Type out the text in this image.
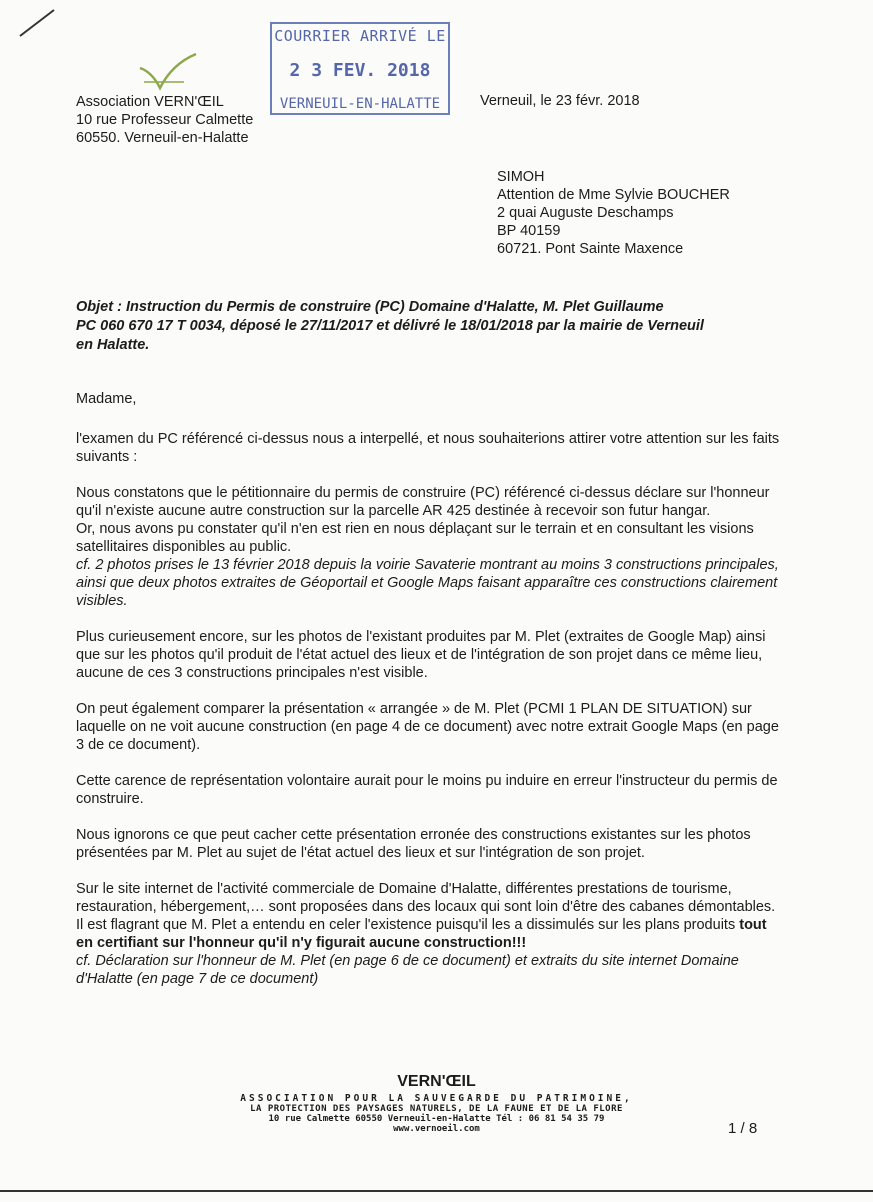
COURRIER ARRIVÉ LE
2 3 FEV. 2018
VERNEUIL-EN-HALATTE
Association VERN'ŒIL
10 rue Professeur Calmette
60550. Verneuil-en-Halatte
Verneuil, le 23 févr. 2018
SIMOH
Attention de Mme Sylvie BOUCHER
2 quai Auguste Deschamps
BP 40159
60721. Pont Sainte Maxence
Objet : Instruction du Permis de construire (PC) Domaine d'Halatte, M. Plet Guillaume
PC 060 670 17 T 0034, déposé le 27/11/2017 et délivré le 18/01/2018 par la mairie de Verneuil
en Halatte.

Madame,

l'examen du PC référencé ci-dessus nous a interpellé, et nous souhaiterions attirer votre attention sur les faits suivants :

Nous constatons que le pétitionnaire du permis de construire (PC) référencé ci-dessus déclare sur l'honneur qu'il n'existe aucune autre construction sur la parcelle AR 425 destinée à recevoir son futur hangar.

Or, nous avons pu constater qu'il n'en est rien en nous déplaçant sur le terrain et en consultant les visions satellitaires disponibles au public.

cf. 2 photos prises le 13 février 2018 depuis la voirie Savaterie montrant au moins 3 constructions principales, ainsi que deux photos extraites de Géoportail et Google Maps faisant apparaître ces constructions clairement visibles.

Plus curieusement encore, sur les photos de l'existant produites par M. Plet (extraites de Google Map) ainsi que sur les photos qu'il produit de l'état actuel des lieux et de l'intégration de son projet dans ce même lieu, aucune de ces 3 constructions principales n'est visible.

On peut également comparer la présentation « arrangée » de M. Plet (PCMI 1 PLAN DE SITUATION) sur laquelle on ne voit aucune construction (en page 4 de ce document) avec notre extrait Google Maps (en page 3 de ce document).

Cette carence de représentation volontaire aurait pour le moins pu induire en erreur l'instructeur du permis de construire.

Nous ignorons ce que peut cacher cette présentation erronée des constructions existantes sur les photos présentées par M. Plet au sujet de l'état actuel des lieux et sur l'intégration de son projet.

Sur le site internet de l'activité commerciale de Domaine d'Halatte, différentes prestations de tourisme, restauration, hébergement,… sont proposées dans des locaux qui sont loin d'être des cabanes démontables. Il est flagrant que M. Plet a entendu en celer l'existence puisqu'il les a dissimulés sur les plans produits tout en certifiant sur l'honneur qu'il n'y figurait aucune construction!!!

cf. Déclaration sur l'honneur de M. Plet (en page 6 de ce document) et extraits du site internet Domaine d'Halatte (en page 7 de ce document)

VERN'ŒIL
ASSOCIATION POUR LA SAUVEGARDE DU PATRIMOINE,
LA PROTECTION DES PAYSAGES NATURELS, DE LA FAUNE ET DE LA FLORE
10 rue Calmette 60550 Verneuil-en-Halatte Tél : 06 81 54 35 79
www.vernoeil.com	1 / 8
